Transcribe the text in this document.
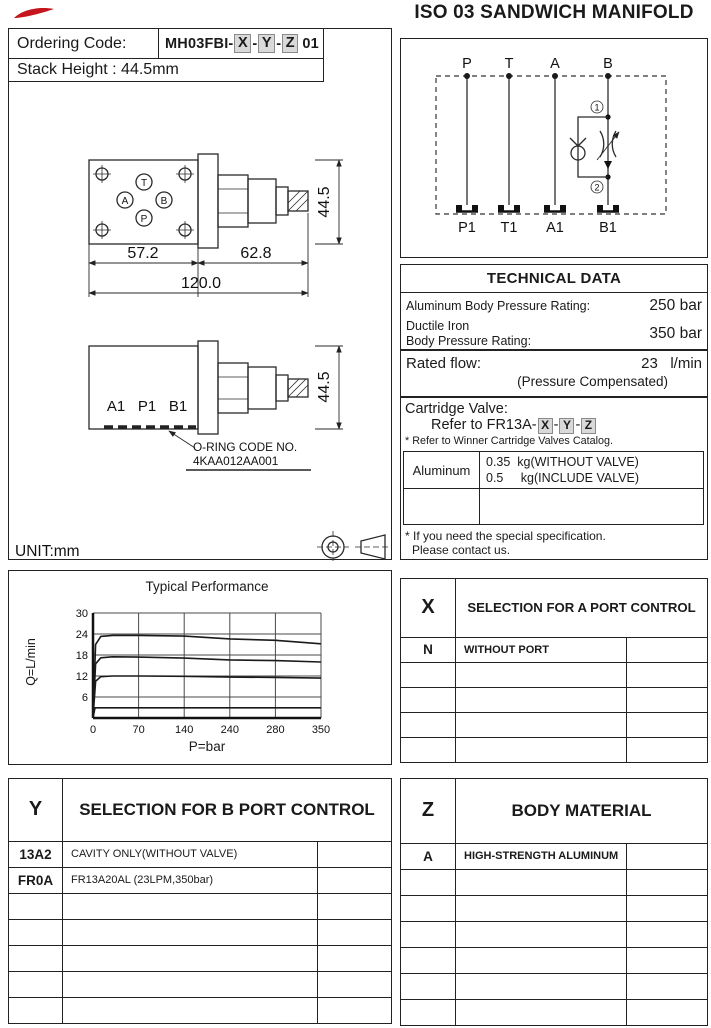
ISO 03 SANDWICH MANIFOLD
Ordering Code:	MH03FBI- X - Y - Z 01
Stack Height : 44.5mm
T
A	B
P
57.2	62.8
120.0
44.5
A1 P1 B1
O-RING CODE NO.
4KAA012AA001
44.5
UNIT:mm
P T	A	B
P1 T1 A1 B1
1
2
TECHNICAL DATA
Aluminum Body Pressure Rating:	250 bar
Ductile Iron
Body Pressure Rating:	350 bar
Rated flow:	23   l/min
(Pressure Compensated)
Cartridge Valve:
Refer to FR13A- X - Y - Z
* Refer to Winner Cartridge Valves Catalog.
Aluminum
0.35  kg(WITHOUT VALVE)
0.5     kg(INCLUDE VALVE)
* If you need the special specification.
Please contact us.
Typical Performance
Q=L/min
P=bar
6
12
18
24
30
0	70	140 240 280 350
X	SELECTION FOR A PORT CONTROL
N	WITHOUT PORT
Y	SELECTION FOR B PORT CONTROL
13A2	CAVITY ONLY(WITHOUT VALVE)
FR0A	FR13A20AL (23LPM,350bar)
Z	BODY MATERIAL
A	HIGH-STRENGTH ALUMINUM
